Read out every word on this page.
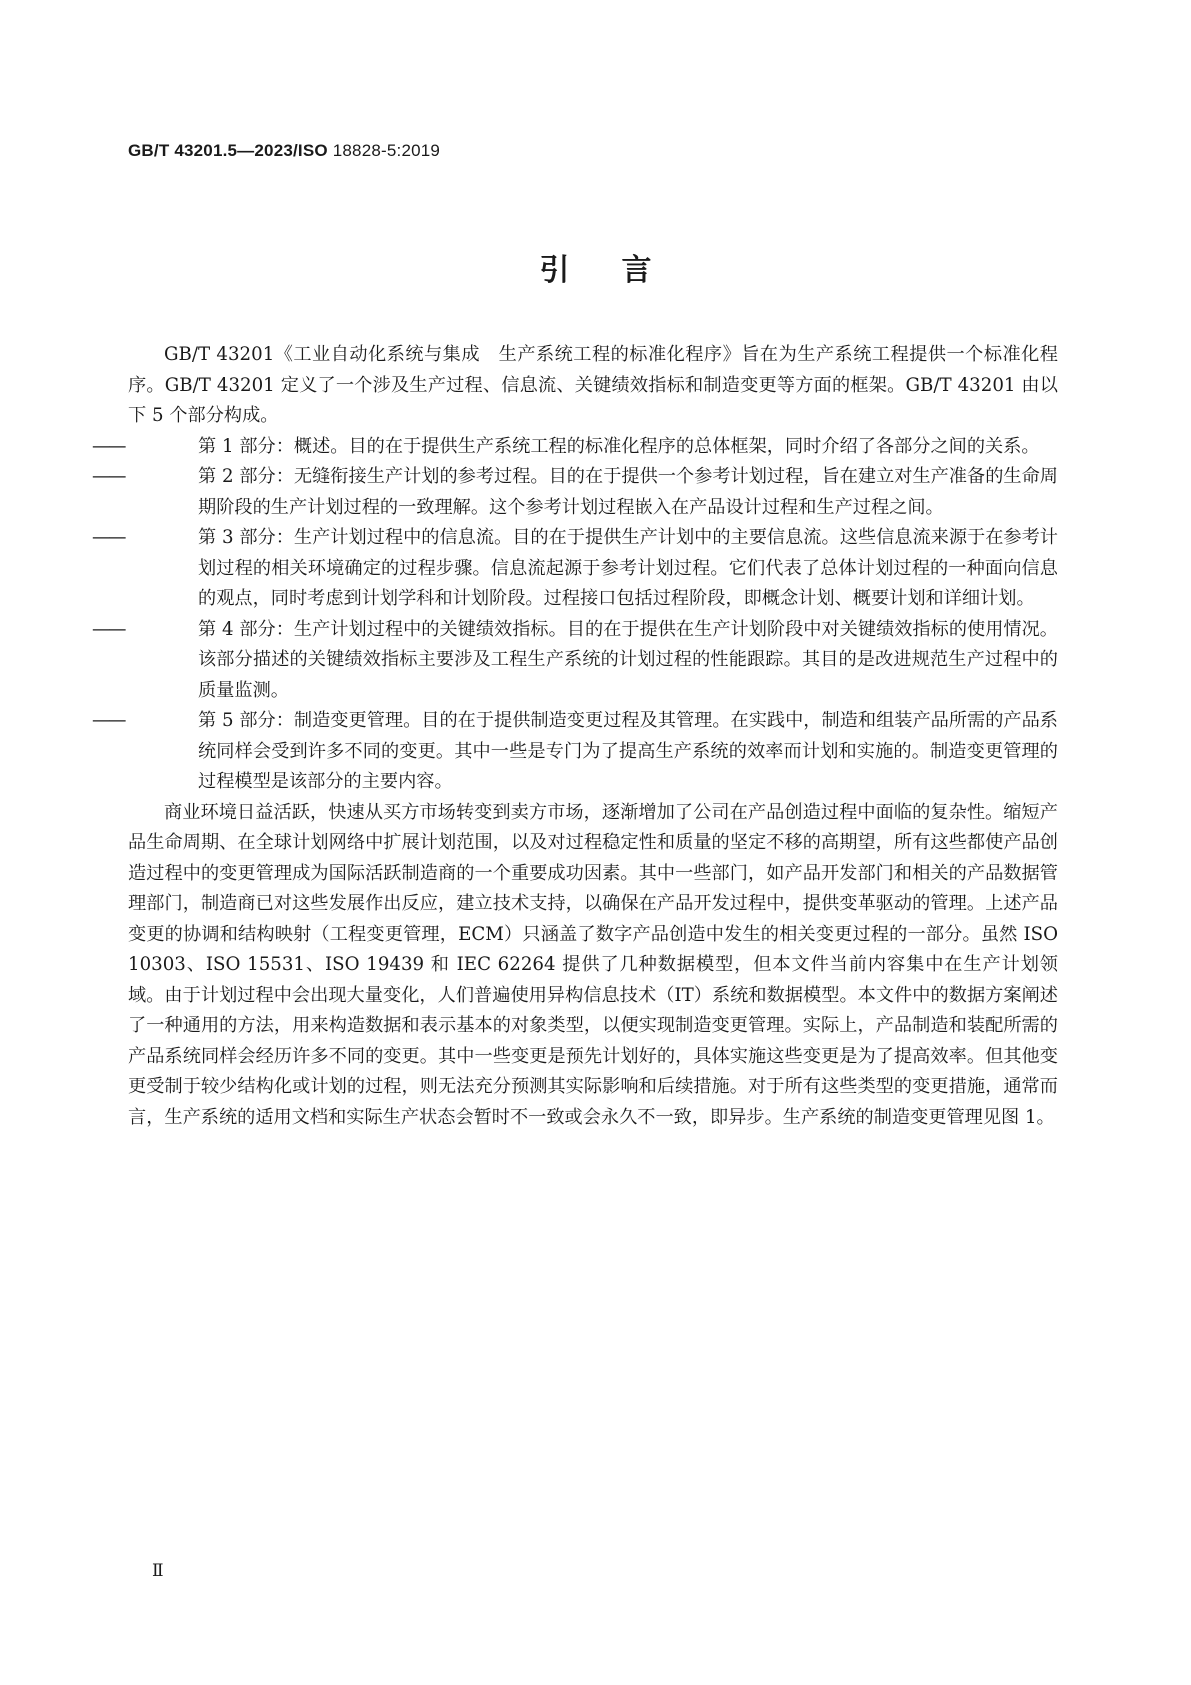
GB/T 43201.5—2023/ISO 18828-5:2019
引言

GB/T 43201《工业自动化系统与集成　生产系统工程的标准化程序》旨在为生产系统工程提供一个标准化程序。GB/T 43201 定义了一个涉及生产过程、信息流、关键绩效指标和制造变更等方面的框架。GB/T 43201 由以下 5 个部分构成。

——	第 1 部分：概述。目的在于提供生产系统工程的标准化程序的总体框架，同时介绍了各部分之间的关系。

——	第 2 部分：无缝衔接生产计划的参考过程。目的在于提供一个参考计划过程，旨在建立对生产准备的生命周期阶段的生产计划过程的一致理解。这个参考计划过程嵌入在产品设计过程和生产过程之间。

——	第 3 部分：生产计划过程中的信息流。目的在于提供生产计划中的主要信息流。这些信息流来源于在参考计划过程的相关环境确定的过程步骤。信息流起源于参考计划过程。它们代表了总体计划过程的一种面向信息的观点，同时考虑到计划学科和计划阶段。过程接口包括过程阶段，即概念计划、概要计划和详细计划。

——	第 4 部分：生产计划过程中的关键绩效指标。目的在于提供在生产计划阶段中对关键绩效指标的使用情况。该部分描述的关键绩效指标主要涉及工程生产系统的计划过程的性能跟踪。其目的是改进规范生产过程中的质量监测。

——	第 5 部分：制造变更管理。目的在于提供制造变更过程及其管理。在实践中，制造和组装产品所需的产品系统同样会受到许多不同的变更。其中一些是专门为了提高生产系统的效率而计划和实施的。制造变更管理的过程模型是该部分的主要内容。

商业环境日益活跃，快速从买方市场转变到卖方市场，逐渐增加了公司在产品创造过程中面临的复杂性。缩短产品生命周期、在全球计划网络中扩展计划范围，以及对过程稳定性和质量的坚定不移的高期望，所有这些都使产品创造过程中的变更管理成为国际活跃制造商的一个重要成功因素。其中一些部门，如产品开发部门和相关的产品数据管理部门，制造商已对这些发展作出反应，建立技术支持，以确保在产品开发过程中，提供变革驱动的管理。上述产品变更的协调和结构映射（工程变更管理，ECM）只涵盖了数字产品创造中发生的相关变更过程的一部分。虽然 ISO 10303、ISO 15531、ISO 19439 和 IEC 62264 提供了几种数据模型，但本文件当前内容集中在生产计划领域。由于计划过程中会出现大量变化，人们普遍使用异构信息技术（IT）系统和数据模型。本文件中的数据方案阐述了一种通用的方法，用来构造数据和表示基本的对象类型，以便实现制造变更管理。实际上，产品制造和装配所需的产品系统同样会经历许多不同的变更。其中一些变更是预先计划好的，具体实施这些变更是为了提高效率。但其他变更受制于较少结构化或计划的过程，则无法充分预测其实际影响和后续措施。对于所有这些类型的变更措施，通常而言，生产系统的适用文档和实际生产状态会暂时不一致或会永久不一致，即异步。生产系统的制造变更管理见图 1。

Ⅱ
